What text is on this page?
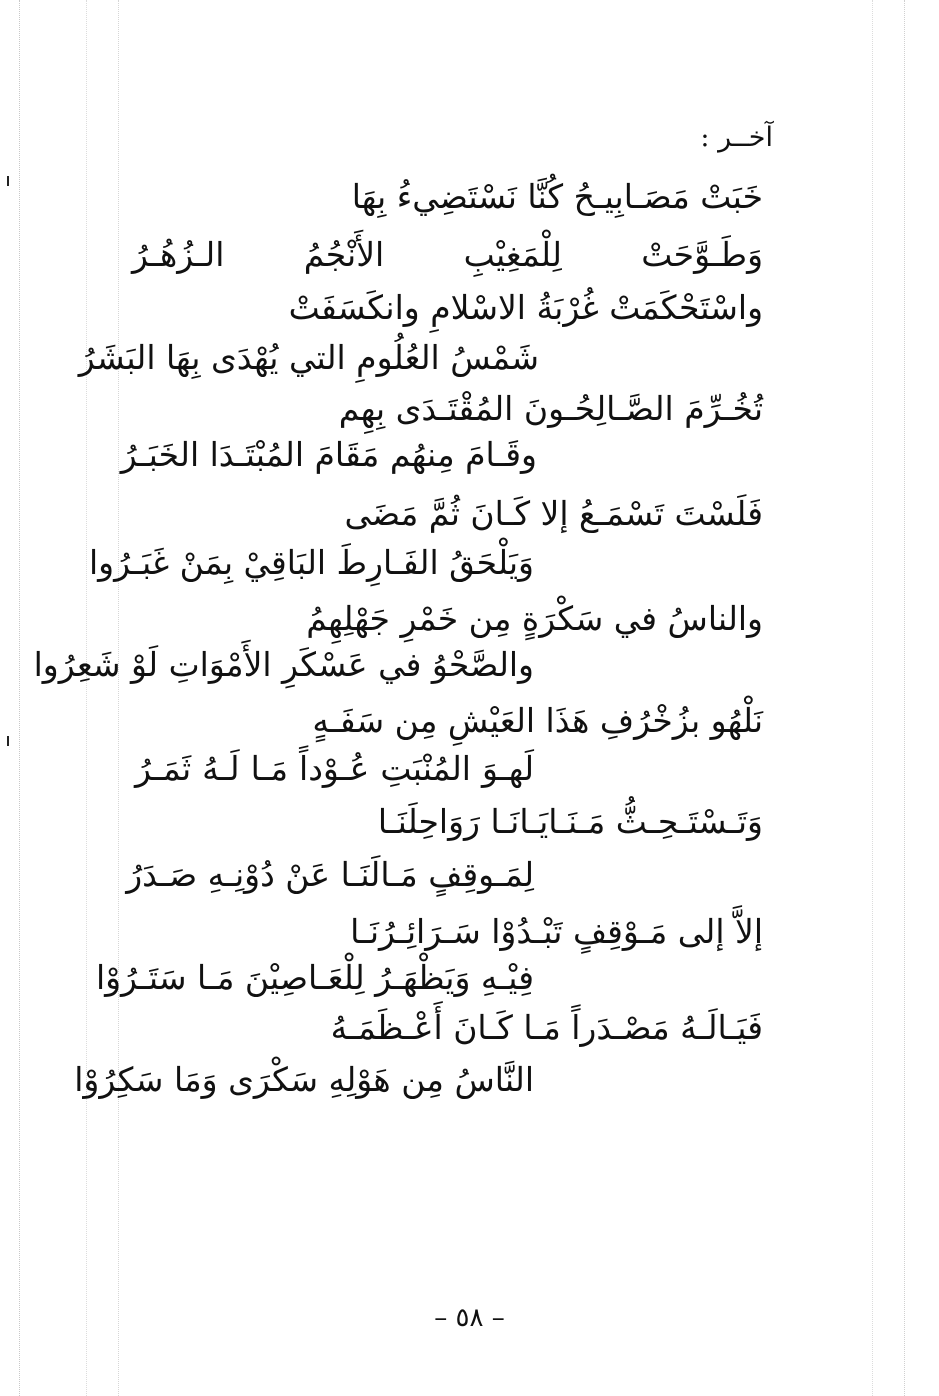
آخــر :
خَبَتْ مَصَـابِيـحُ كُنَّا نَسْتَضِيءُ بِهَا
وَطَـوَّحَتْ لِلْمَغِيْبِ الأَنْجُمُ الـزُهُـرُ
واسْتَحْكَمَتْ غُرْبَةُ الاسْلامِ وانكَسَفَتْ
شَمْسُ العُلُومِ التي يُهْدَى بِهَا البَشَرُ
تُخُـرِّمَ الصَّـالِحُـونَ المُقْتَـدَى بِهِم
وقَـامَ مِنهُم مَقَامَ المُبْتَـدَا الخَبَـرُ
فَلَسْتَ تَسْمَـعُ إلا كَـانَ ثُمَّ مَضَى
وَيَلْحَقُ الفَـارِطَ البَاقِيْ بِمَنْ غَبَـرُوا
والناسُ في سَكْرَةٍ مِن خَمْرِ جَهْلِهِمُ
والصَّحْوُ في عَسْكَرِ الأَمْوَاتِ لَوْ شَعِرُوا
نَلْهُو بزُخْرُفِ هَذَا العَيْشِ مِن سَفَـهٍ
لَهـوَ المُنْبَتِ عُـوْداً مَـا لَـهُ ثَمَـرُ
وَتَـسْتَـحِـثُّ مَـنَـايَـانَـا رَوَاحِلَنَـا
لِمَـوقِفٍ مَـالَنَـا عَنْ دُوْنِـهِ صَـدَرُ
إلاَّ إلى مَـوْقِفٍ تَبْـدُوْا سَـرَائِـرُنَـا
فِيْـهِ وَيَظْهَـرُ لِلْعَـاصِيْنَ مَـا سَتَـرُوْا
فَيَـالَـهُ مَصْـدَراً مَـا كَـانَ أَعْـظَمَـهُ
النَّاسُ مِن هَوْلِهِ سَكْرَى وَمَا سَكِرُوْا
– ٥٨ –
